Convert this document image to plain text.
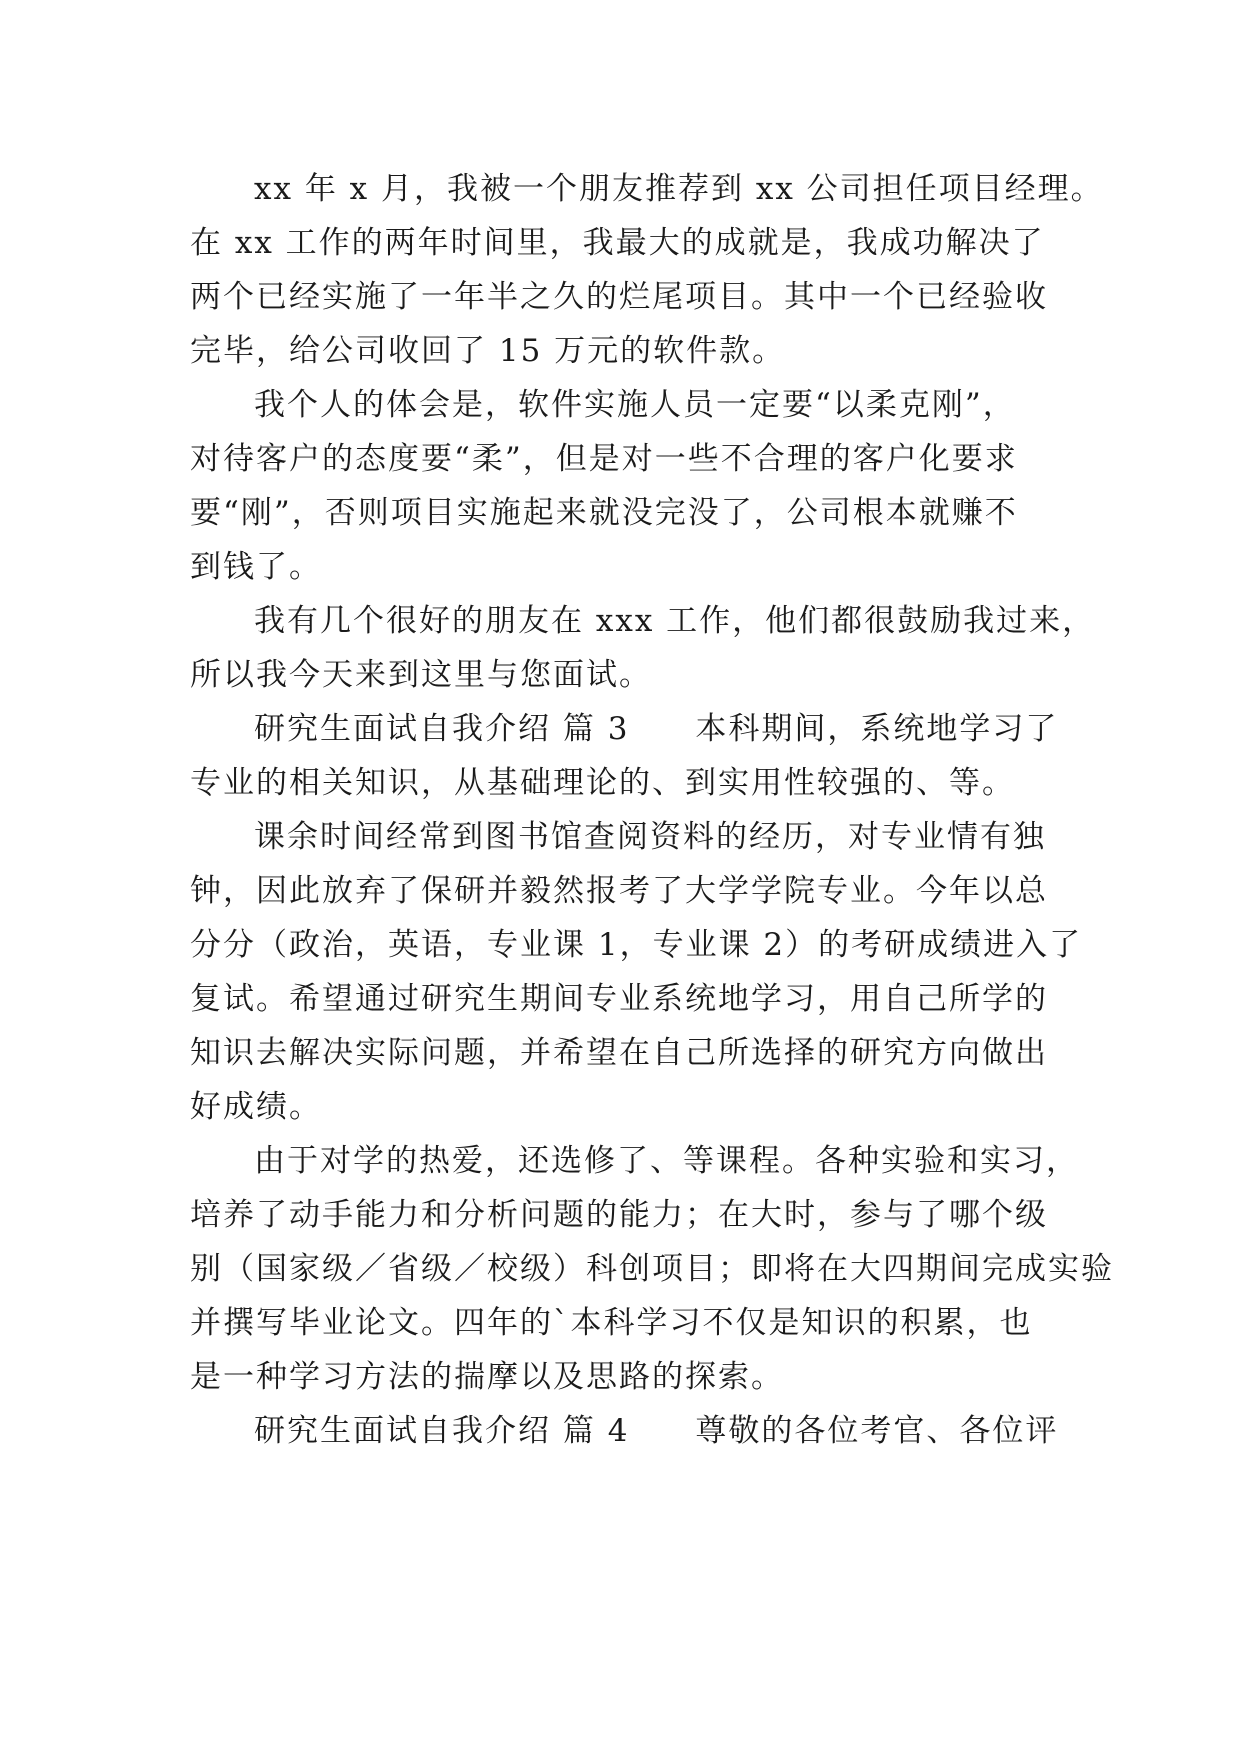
xx 年 x 月，我被一个朋友推荐到 xx 公司担任项目经理。
在 xx 工作的两年时间里，我最大的成就是，我成功解决了
两个已经实施了一年半之久的烂尾项目。其中一个已经验收
完毕，给公司收回了 15 万元的软件款。
我个人的体会是，软件实施人员一定要“以柔克刚”，
对待客户的态度要“柔”，但是对一些不合理的客户化要求
要“刚”，否则项目实施起来就没完没了，公司根本就赚不
到钱了。
我有几个很好的朋友在 xxx 工作，他们都很鼓励我过来，
所以我今天来到这里与您面试。
研究生面试自我介绍 篇 3　　本科期间，系统地学习了
专业的相关知识，从基础理论的、到实用性较强的、等。
课余时间经常到图书馆查阅资料的经历，对专业情有独
钟，因此放弃了保研并毅然报考了大学学院专业。今年以总
分分（政治，英语，专业课 1，专业课 2）的考研成绩进入了
复试。希望通过研究生期间专业系统地学习，用自己所学的
知识去解决实际问题，并希望在自己所选择的研究方向做出
好成绩。
由于对学的热爱，还选修了、等课程。各种实验和实习，
培养了动手能力和分析问题的能力；在大时，参与了哪个级
别（国家级／省级／校级）科创项目；即将在大四期间完成实验
并撰写毕业论文。四年的`本科学习不仅是知识的积累，也
是一种学习方法的揣摩以及思路的探索。
研究生面试自我介绍 篇 4　　尊敬的各位考官、各位评
